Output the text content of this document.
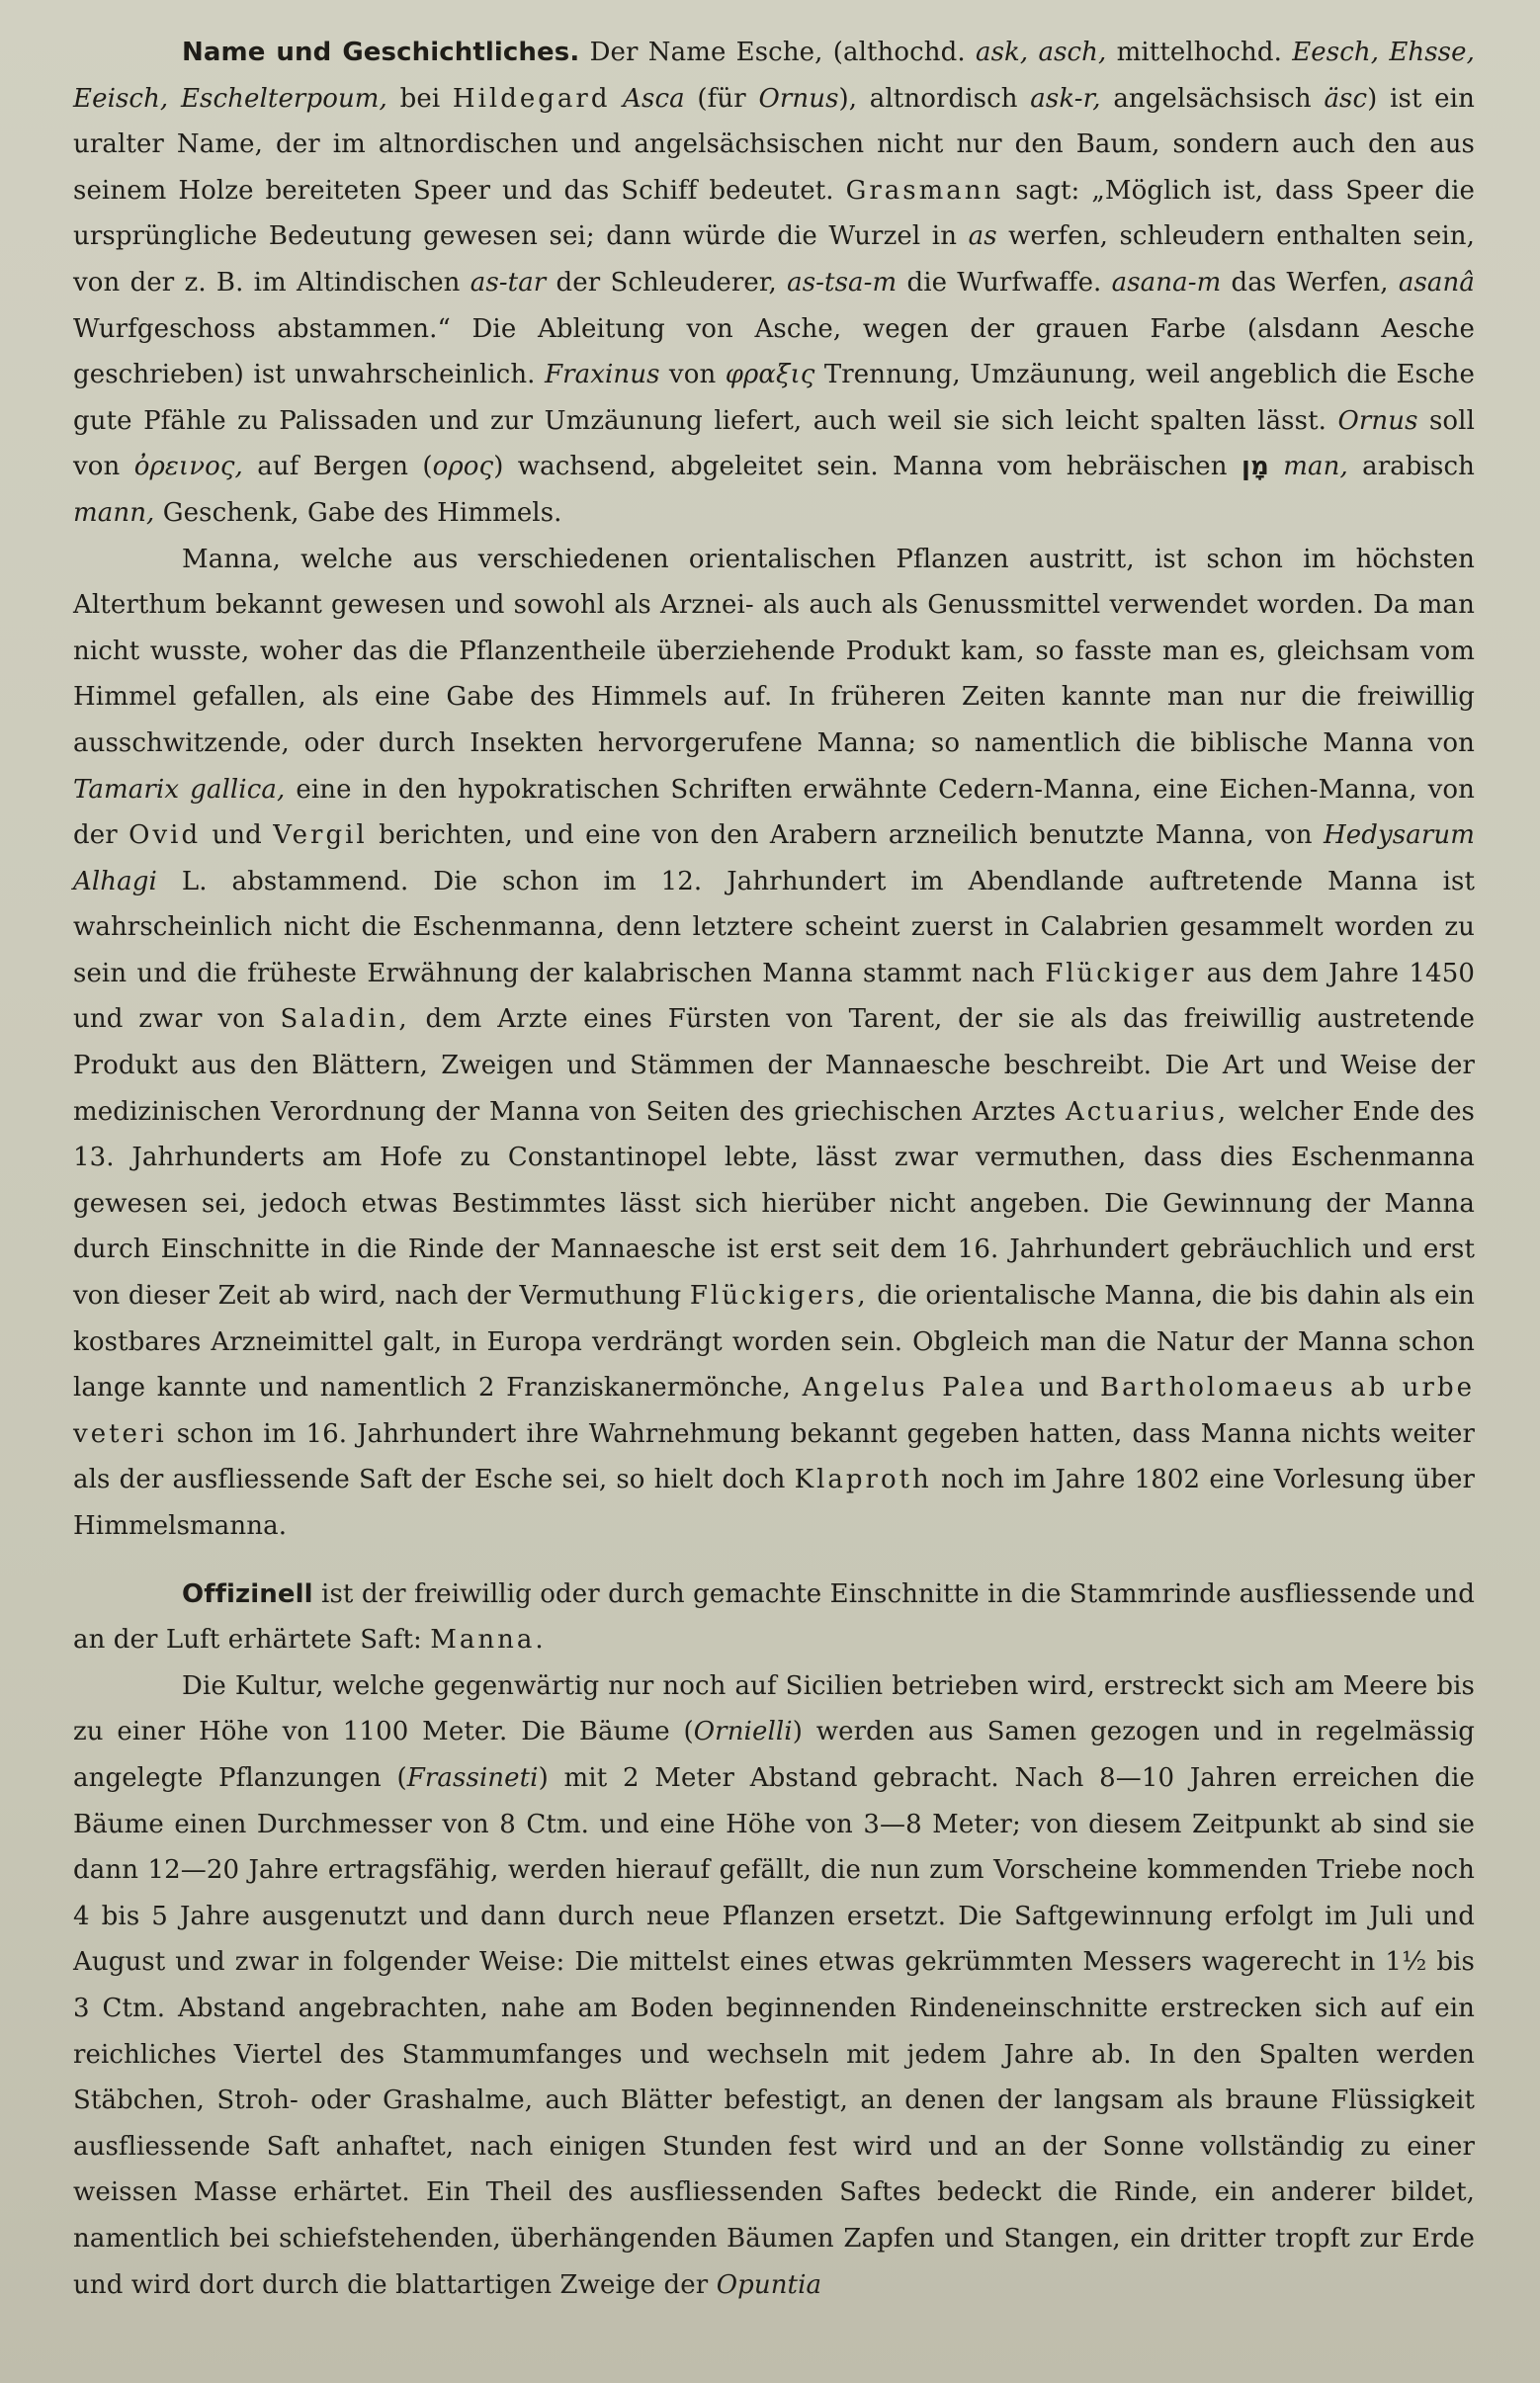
Name und Geschichtliches. Der Name Esche, (althochd. ask, asch, mittelhochd. Eesch, Ehsse, Eeisch, Eschelterpoum, bei Hildegard Asca (für Ornus), altnordisch ask-r, angelsächsisch äsc) ist ein uralter Name, der im altnordischen und angelsächsischen nicht nur den Baum, sondern auch den aus seinem Holze bereiteten Speer und das Schiff bedeutet. Grasmann sagt: „Möglich ist, dass Speer die ursprüngliche Bedeutung gewesen sei; dann würde die Wurzel in as werfen, schleudern enthalten sein, von der z. B. im Altindischen as-tar der Schleuderer, as-tsa-m die Wurfwaffe. asana-m das Werfen, asanâ Wurfgeschoss abstammen.“ Die Ableitung von Asche, wegen der grauen Farbe (alsdann Aesche geschrieben) ist unwahrscheinlich. Fraxinus von φραξις Trennung, Umzäunung, weil angeblich die Esche gute Pfähle zu Palissaden und zur Umzäunung liefert, auch weil sie sich leicht spalten lässt. Ornus soll von ὀρεινος, auf Bergen (ορος) wachsend, abgeleitet sein. Manna vom hebräischen מָן man, arabisch mann, Geschenk, Gabe des Himmels.

Manna, welche aus verschiedenen orientalischen Pflanzen austritt, ist schon im höchsten Alterthum bekannt gewesen und sowohl als Arznei- als auch als Genussmittel verwendet worden. Da man nicht wusste, woher das die Pflanzentheile überziehende Produkt kam, so fasste man es, gleichsam vom Himmel gefallen, als eine Gabe des Himmels auf. In früheren Zeiten kannte man nur die freiwillig ausschwitzende, oder durch Insekten hervorgerufene Manna; so namentlich die biblische Manna von Tamarix gallica, eine in den hypokratischen Schriften erwähnte Cedern-Manna, eine Eichen-Manna, von der Ovid und Vergil berichten, und eine von den Arabern arzneilich benutzte Manna, von Hedysarum Alhagi L. abstammend. Die schon im 12. Jahrhundert im Abendlande auftretende Manna ist wahrscheinlich nicht die Eschenmanna, denn letztere scheint zuerst in Calabrien gesammelt worden zu sein und die früheste Erwähnung der kalabrischen Manna stammt nach Flückiger aus dem Jahre 1450 und zwar von Saladin, dem Arzte eines Fürsten von Tarent, der sie als das freiwillig austretende Produkt aus den Blättern, Zweigen und Stämmen der Mannaesche beschreibt. Die Art und Weise der medizinischen Verordnung der Manna von Seiten des griechischen Arztes Actuarius, welcher Ende des 13. Jahrhunderts am Hofe zu Constantinopel lebte, lässt zwar vermuthen, dass dies Eschenmanna gewesen sei, jedoch etwas Bestimmtes lässt sich hierüber nicht angeben. Die Gewinnung der Manna durch Einschnitte in die Rinde der Mannaesche ist erst seit dem 16. Jahrhundert gebräuchlich und erst von dieser Zeit ab wird, nach der Vermuthung Flückigers, die orientalische Manna, die bis dahin als ein kostbares Arzneimittel galt, in Europa verdrängt worden sein. Obgleich man die Natur der Manna schon lange kannte und namentlich 2 Franziskanermönche, Angelus Palea und Bartholomaeus ab urbe veteri schon im 16. Jahrhundert ihre Wahrnehmung bekannt gegeben hatten, dass Manna nichts weiter als der ausfliessende Saft der Esche sei, so hielt doch Klaproth noch im Jahre 1802 eine Vorlesung über Himmelsmanna.

Offizinell ist der freiwillig oder durch gemachte Einschnitte in die Stammrinde ausfliessende und an der Luft erhärtete Saft: Manna.

Die Kultur, welche gegenwärtig nur noch auf Sicilien betrieben wird, erstreckt sich am Meere bis zu einer Höhe von 1100 Meter. Die Bäume (Ornielli) werden aus Samen gezogen und in regelmässig angelegte Pflanzungen (Frassineti) mit 2 Meter Abstand gebracht. Nach 8—10 Jahren erreichen die Bäume einen Durchmesser von 8 Ctm. und eine Höhe von 3—8 Meter; von diesem Zeitpunkt ab sind sie dann 12—20 Jahre ertragsfähig, werden hierauf gefällt, die nun zum Vorscheine kommenden Triebe noch 4 bis 5 Jahre ausgenutzt und dann durch neue Pflanzen ersetzt. Die Saftgewinnung erfolgt im Juli und August und zwar in folgender Weise: Die mittelst eines etwas gekrümmten Messers wagerecht in 1½ bis 3 Ctm. Abstand angebrachten, nahe am Boden beginnenden Rindeneinschnitte erstrecken sich auf ein reichliches Viertel des Stammumfanges und wechseln mit jedem Jahre ab. In den Spalten werden Stäbchen, Stroh- oder Grashalme, auch Blätter befestigt, an denen der langsam als braune Flüssigkeit ausfliessende Saft anhaftet, nach einigen Stunden fest wird und an der Sonne vollständig zu einer weissen Masse erhärtet. Ein Theil des ausfliessenden Saftes bedeckt die Rinde, ein anderer bildet, namentlich bei schiefstehenden, überhängenden Bäumen Zapfen und Stangen, ein dritter tropft zur Erde und wird dort durch die blattartigen Zweige der Opuntia
